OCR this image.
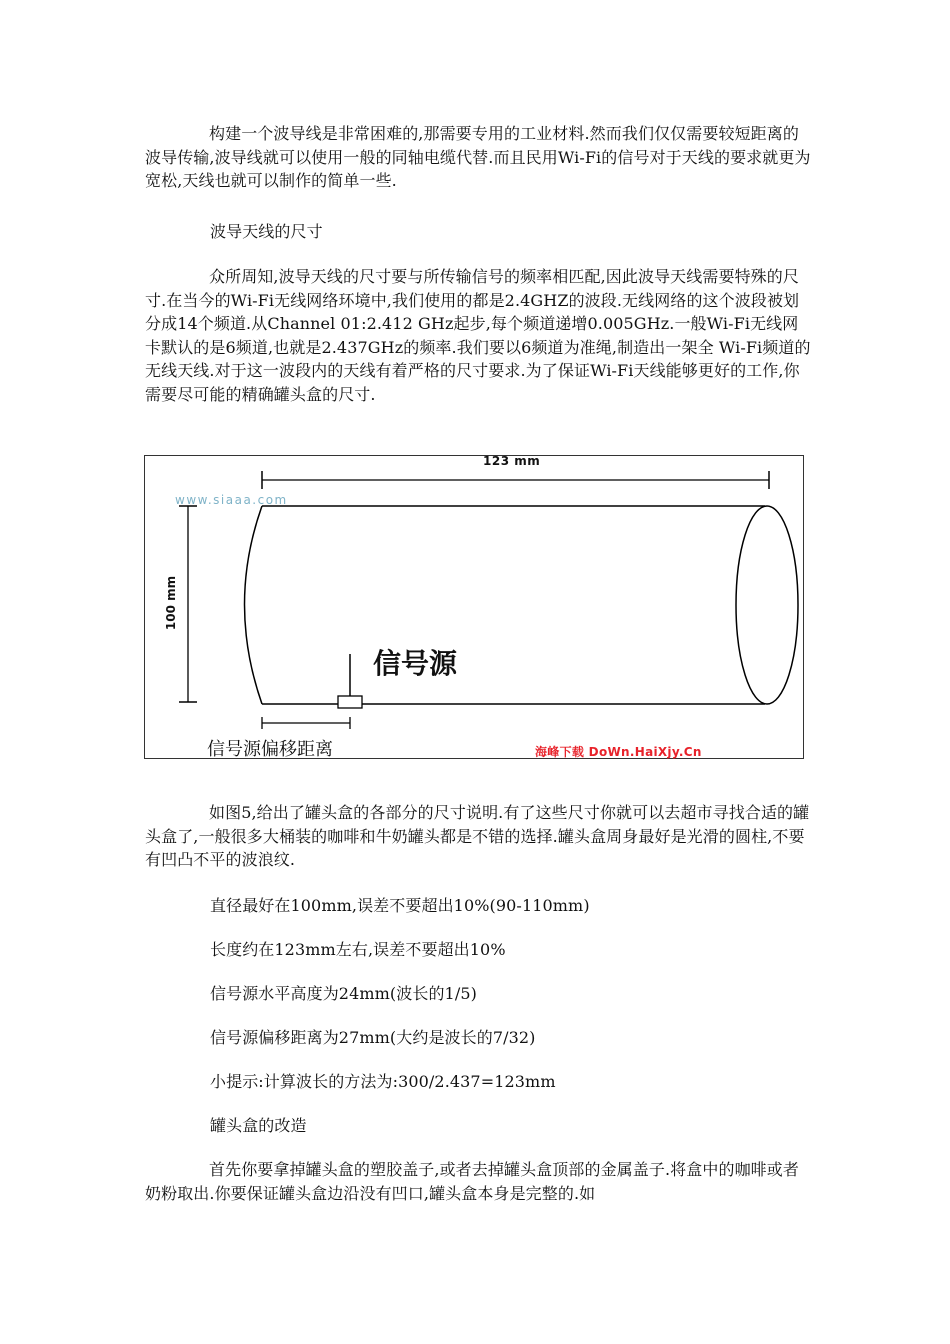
构建一个波导线是非常困难的,那需要专用的工业材料.然而我们仅仅需要较短距离的波导传输,波导线就可以使用一般的同轴电缆代替.而且民用Wi-Fi的信号对于天线的要求就更为宽松,天线也就可以制作的简单一些.

波导天线的尺寸

众所周知,波导天线的尺寸要与所传输信号的频率相匹配,因此波导天线需要特殊的尺寸.在当今的Wi-Fi无线网络环境中,我们使用的都是2.4GHZ的波段.无线网络的这个波段被划分成14个频道.从Channel 01:2.412 GHz起步,每个频道递增0.005GHz.一般Wi-Fi无线网卡默认的是6频道,也就是2.437GHz的频率.我们要以6频道为准绳,制造出一架全 Wi-Fi频道的无线天线.对于这一波段内的天线有着严格的尺寸要求.为了保证Wi-Fi天线能够更好的工作,你需要尽可能的精确罐头盒的尺寸.

123 mm
100 mm
信号源
信号源偏移距离
www.siaaa.com
海峰下载 DoWn.HaiXjy.Cn

如图5,给出了罐头盒的各部分的尺寸说明.有了这些尺寸你就可以去超市寻找合适的罐头盒了,一般很多大桶装的咖啡和牛奶罐头都是不错的选择.罐头盒周身最好是光滑的圆柱,不要有凹凸不平的波浪纹.

直径最好在100mm,误差不要超出10%(90-110mm)

长度约在123mm左右,误差不要超出10%

信号源水平高度为24mm(波长的1/5)

信号源偏移距离为27mm(大约是波长的7/32)

小提示:计算波长的方法为:300/2.437=123mm

罐头盒的改造

首先你要拿掉罐头盒的塑胶盖子,或者去掉罐头盒顶部的金属盖子.将盒中的咖啡或者奶粉取出.你要保证罐头盒边沿没有凹口,罐头盒本身是完整的.如
